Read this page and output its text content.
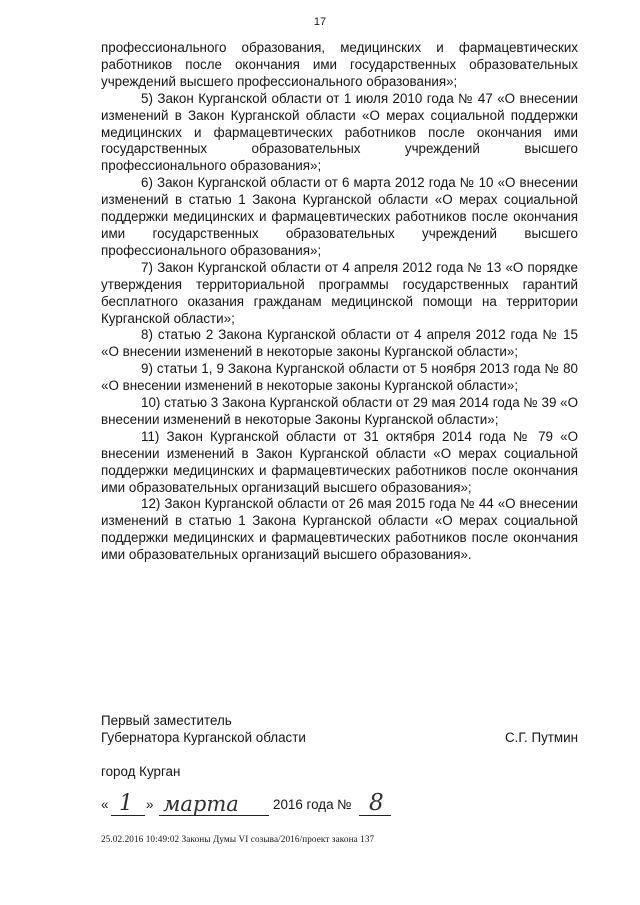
17

профессионального образования, медицинских и фармацевтических работников после окончания ими государственных образовательных учреждений высшего профессионального образования»;

5) Закон Курганской области от 1 июля 2010 года № 47 «О внесении изменений в Закон Курганской области «О мерах социальной поддержки медицинских и фармацевтических работников после окончания ими государственных образовательных учреждений высшего профессионального образования»;

6) Закон Курганской области от 6 марта 2012 года № 10 «О внесении изменений в статью 1 Закона Курганской области «О мерах социальной поддержки медицинских и фармацевтических работников после окончания ими государственных образовательных учреждений высшего профессионального образования»;

7) Закон Курганской области от 4 апреля 2012 года № 13 «О порядке утверждения территориальной программы государственных гарантий бесплатного оказания гражданам медицинской помощи на территории Курганской области»;

8) статью 2 Закона Курганской области от 4 апреля 2012 года № 15 «О внесении изменений в некоторые законы Курганской области»;

9) статьи 1, 9 Закона Курганской области от 5 ноября 2013 года № 80 «О внесении изменений в некоторые законы Курганской области»;

10) статью 3 Закона Курганской области от 29 мая 2014 года № 39 «О внесении изменений в некоторые Законы Курганской области»;

11) Закон Курганской области от 31 октября 2014 года № 79 «О внесении изменений в Закон Курганской области «О мерах социальной поддержки медицинских и фармацевтических работников после окончания ими образовательных организаций высшего образования»;

12) Закон Курганской области от 26 мая 2015 года № 44 «О внесении изменений в статью 1 Закона Курганской области «О мерах социальной поддержки медицинских и фармацевтических работников после окончания ими образовательных организаций высшего образования».

Первый заместитель
Губернатора Курганской области	С.Г. Путмин
город Курган
« 1 » марта	2016 года № 8
25.02.2016 10:49:02 Законы Думы VI созыва/2016/проект закона 137
